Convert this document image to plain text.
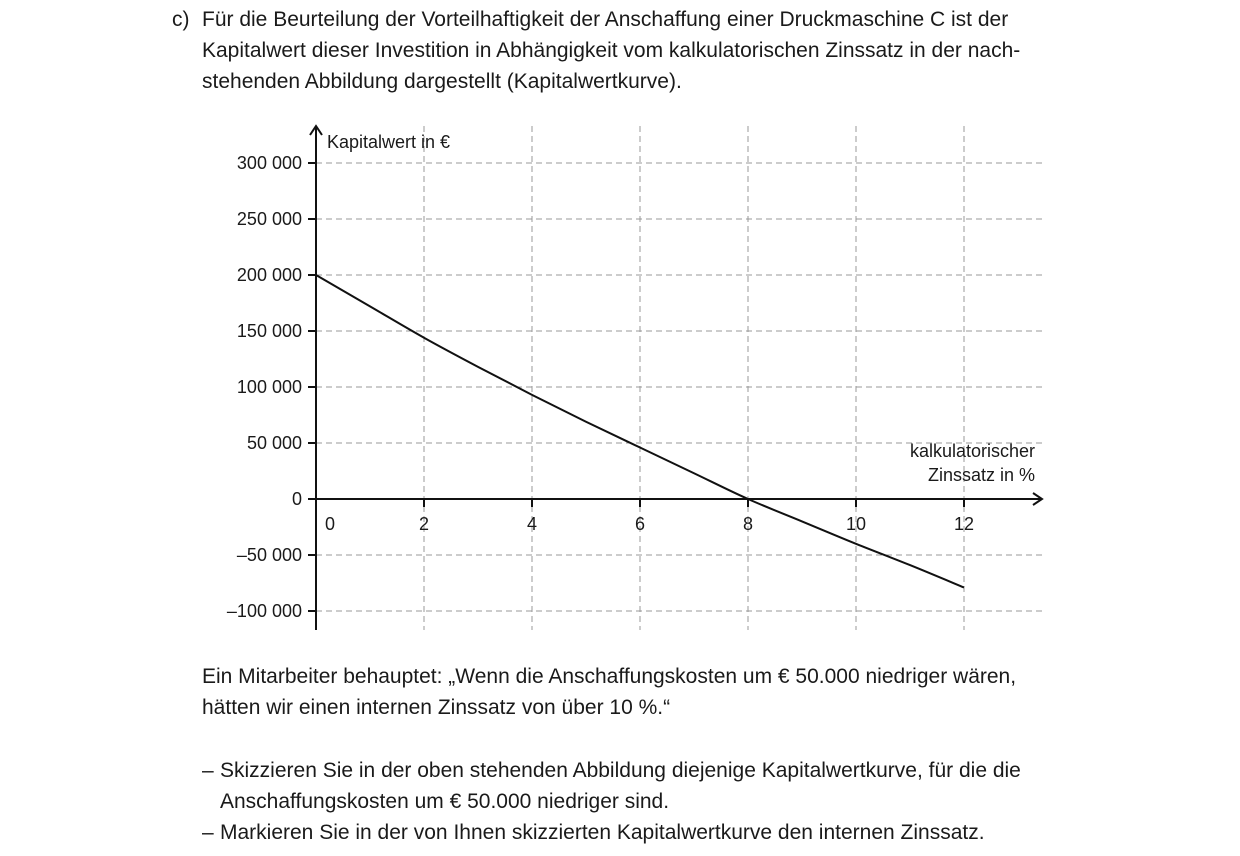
c) Für die Beurteilung der Vorteilhaftigkeit der Anschaffung einer Druckmaschine C ist der
Kapitalwert dieser Investition in Abhängigkeit vom kalkulatorischen Zinssatz in der nach-
stehenden Abbildung dargestellt (Kapitalwertkurve).
Ein Mitarbeiter behauptet: „Wenn die Anschaffungskosten um € 50.000 niedriger wären,
hätten wir einen internen Zinssatz von über 10 %.“
– Skizzieren Sie in der oben stehenden Abbildung diejenige Kapitalwertkurve, für die die
Anschaffungskosten um € 50.000 niedriger sind.
– Markieren Sie in der von Ihnen skizzierten Kapitalwertkurve den internen Zinssatz.
300 000
250 000
200 000
150 000
100 000
50 000
0
–50 000
–100 000
2	4	6	8	10	12
0
Kapitalwert in €
kalkulatorischer
Zinssatz in %
